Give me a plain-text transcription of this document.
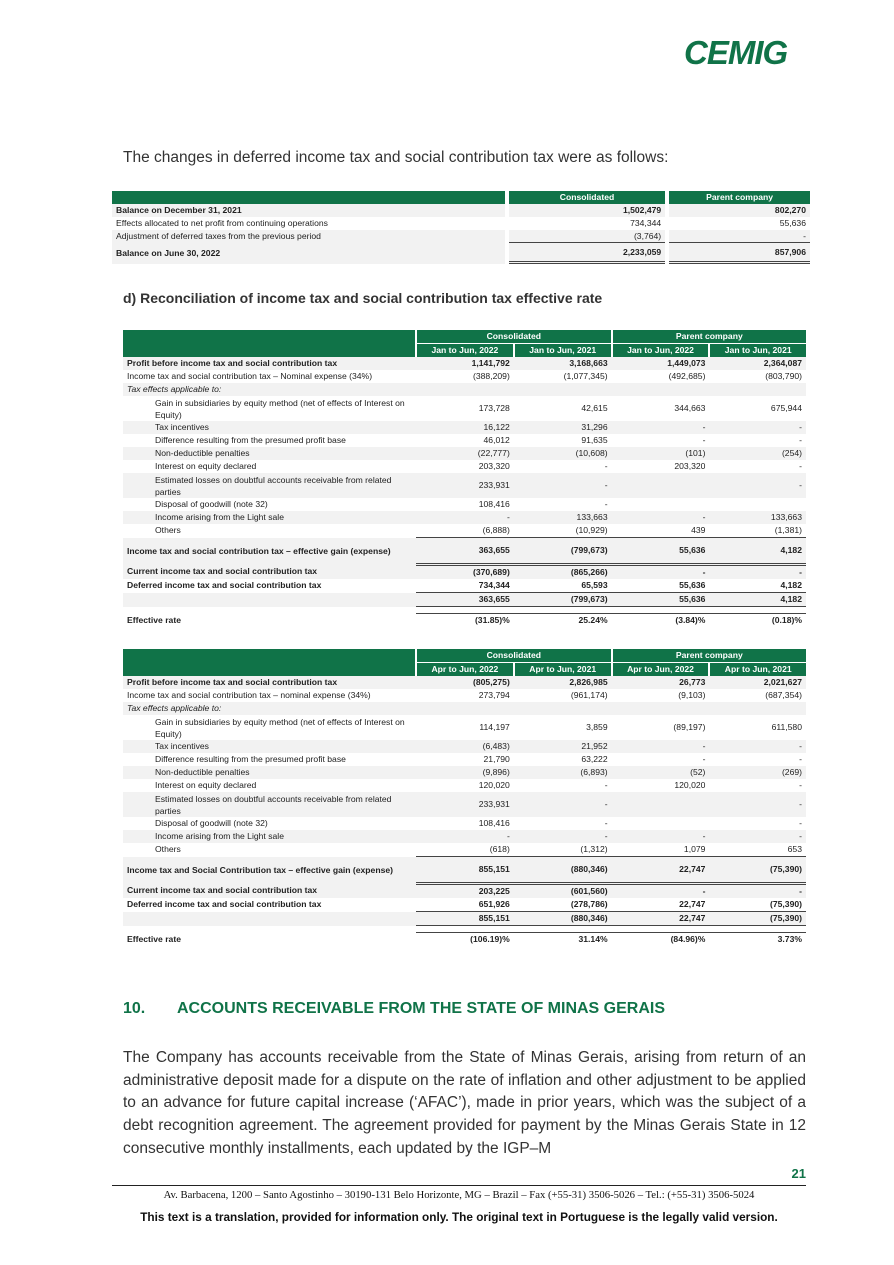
CEMIG
The changes in deferred income tax and social contribution tax were as follows:
	Consolidated	Parent company
Balance on December 31, 2021	1,502,479	802,270
Effects allocated to net profit from continuing operations	734,344	55,636
Adjustment of deferred taxes from the previous period	(3,764)	-
Balance on June 30, 2022	2,233,059	857,906
d) Reconciliation of income tax and social contribution tax effective rate
	Consolidated		Parent company	
	Jan to Jun, 2022	Jan to Jun, 2021	Jan to Jun, 2022	Jan to Jun, 2021
Profit before income tax and social contribution tax	1,141,792	3,168,663	1,449,073	2,364,087
Income tax and social contribution tax – Nominal expense (34%)	(388,209)	(1,077,345)	(492,685)	(803,790)
Tax effects applicable to:				
Gain in subsidiaries by equity method (net of effects of Interest on Equity)	173,728	42,615	344,663	675,944
Tax incentives	16,122	31,296	-	-
Difference resulting from the presumed profit base	46,012	91,635	-	-
Non-deductible penalties	(22,777)	(10,608)	(101)	(254)
Interest on equity declared	203,320	-	203,320	-
Estimated losses on doubtful accounts receivable from related parties	233,931	-		-
Disposal of goodwill (note 32)	108,416	-		
Income arising from the Light sale	-	133,663	-	133,663
Others	(6,888)	(10,929)	439	(1,381)
Income tax and social contribution tax – effective gain (expense)	363,655	(799,673)	55,636	4,182
Current income tax and social contribution tax	(370,689)	(865,266)	-	-
Deferred income tax and social contribution tax	734,344	65,593	55,636	4,182
	363,655	(799,673)	55,636	4,182

Effective rate	(31.85)%	25.24%	(3.84)%	(0.18)%
	Consolidated		Parent company	
	Apr to Jun, 2022	Apr to Jun, 2021	Apr to Jun, 2022	Apr to Jun, 2021
Profit before income tax and social contribution tax	(805,275)	2,826,985	26,773	2,021,627
Income tax and social contribution tax – nominal expense (34%)	273,794	(961,174)	(9,103)	(687,354)
Tax effects applicable to:				
Gain in subsidiaries by equity method (net of effects of Interest on Equity)	114,197	3,859	(89,197)	611,580
Tax incentives	(6,483)	21,952	-	-
Difference resulting from the presumed profit base	21,790	63,222	-	-
Non-deductible penalties	(9,896)	(6,893)	(52)	(269)
Interest on equity declared	120,020	-	120,020	-
Estimated losses on doubtful accounts receivable from related parties	233,931	-		-
Disposal of goodwill (note 32)	108,416	-		-
Income arising from the Light sale	-	-	-	-
Others	(618)	(1,312)	1,079	653
Income tax and Social Contribution tax – effective gain (expense)	855,151	(880,346)	22,747	(75,390)
Current income tax and social contribution tax	203,225	(601,560)	-	-
Deferred income tax and social contribution tax	651,926	(278,786)	22,747	(75,390)
	855,151	(880,346)	22,747	(75,390)

Effective rate	(106.19)%	31.14%	(84.96)%	3.73%
10. ACCOUNTS RECEIVABLE FROM THE STATE OF MINAS GERAIS

The Company has accounts receivable from the State of Minas Gerais, arising from return of an administrative deposit made for a dispute on the rate of inflation and other adjustment to be applied to an advance for future capital increase (‘AFAC’), made in prior years, which was the subject of a debt recognition agreement. The agreement provided for payment by the Minas Gerais State in 12 consecutive monthly installments, each updated by the IGP–M

21
Av. Barbacena, 1200 – Santo Agostinho – 30190-131 Belo Horizonte, MG – Brazil – Fax (+55-31) 3506-5026 – Tel.: (+55-31) 3506-5024
This text is a translation, provided for information only. The original text in Portuguese is the legally valid version.
